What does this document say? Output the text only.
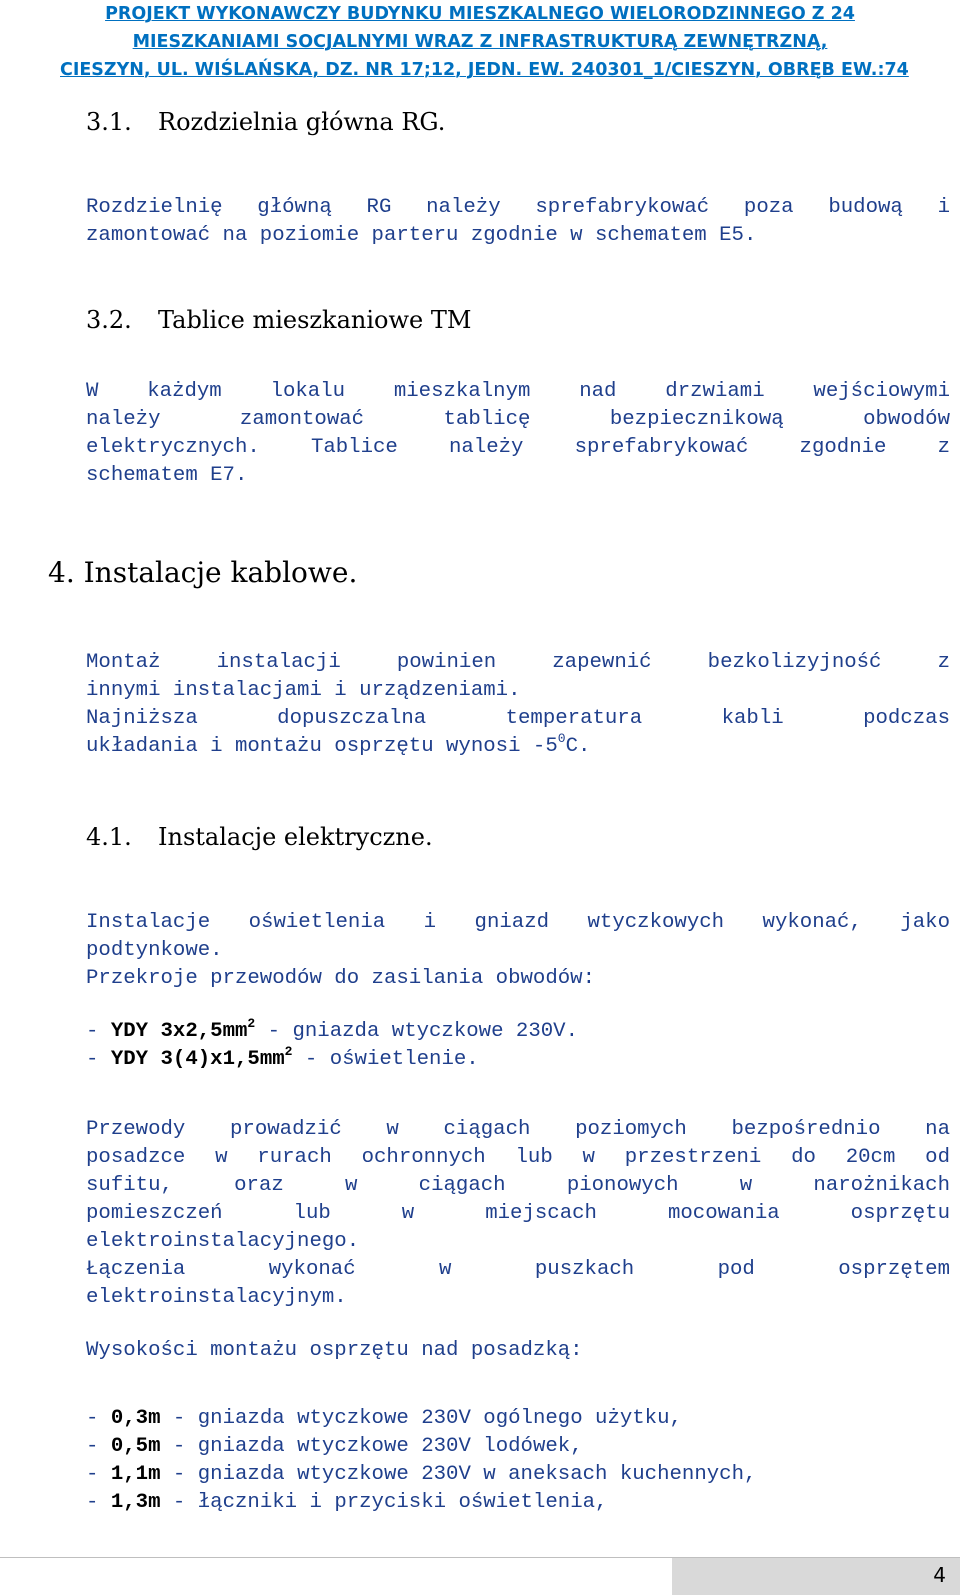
PROJEKT WYKONAWCZY BUDYNKU MIESZKALNEGO WIELORODZINNEGO Z 24
MIESZKANIAMI SOCJALNYMI WRAZ Z INFRASTRUKTURĄ ZEWNĘTRZNĄ,
CIESZYN, UL. WIŚLAŃSKA, DZ. NR 17;12, JEDN. EW. 240301_1/CIESZYN, OBRĘB EW.:74
3.1. Rozdzielnia główna RG.
Rozdzielnię główną RG należy sprefabrykować poza budową i
zamontować na poziomie parteru zgodnie w schematem E5.
3.2. Tablice mieszkaniowe TM
W każdym lokalu mieszkalnym nad drzwiami wejściowymi
należy zamontować tablicę bezpiecznikową obwodów
elektrycznych. Tablice należy sprefabrykować zgodnie z
schematem E7.
4. Instalacje kablowe.
Montaż instalacji powinien zapewnić bezkolizyjność z
innymi instalacjami i urządzeniami.
Najniższa dopuszczalna temperatura kabli podczas
układania i montażu osprzętu wynosi $-5^0C$.
4.1. Instalacje elektryczne.
Instalacje oświetlenia i gniazd wtyczkowych wykonać, jako
podtynkowe.
Przekroje przewodów do zasilania obwodów:
- YDY $3x2,5mm^2$ - gniazda wtyczkowe 230V.
- YDY $3(4)x1,5mm^2$ - oświetlenie.
Przewody prowadzić w ciągach poziomych bezpośrednio na
posadzce w rurach ochronnych lub w przestrzeni do 20cm od
sufitu, oraz w ciągach pionowych w narożnikach
pomieszczeń lub w miejscach mocowania osprzętu
elektroinstalacyjnego.
Łączenia wykonać w puszkach pod osprzętem
elektroinstalacyjnym.
Wysokości montażu osprzętu nad posadzką:
- 0,3m - gniazda wtyczkowe 230V ogólnego użytku,
- 0,5m - gniazda wtyczkowe 230V lodówek,
- 1,1m - gniazda wtyczkowe 230V w aneksach kuchennych,
- 1,3m - łączniki i przyciski oświetlenia,
4
